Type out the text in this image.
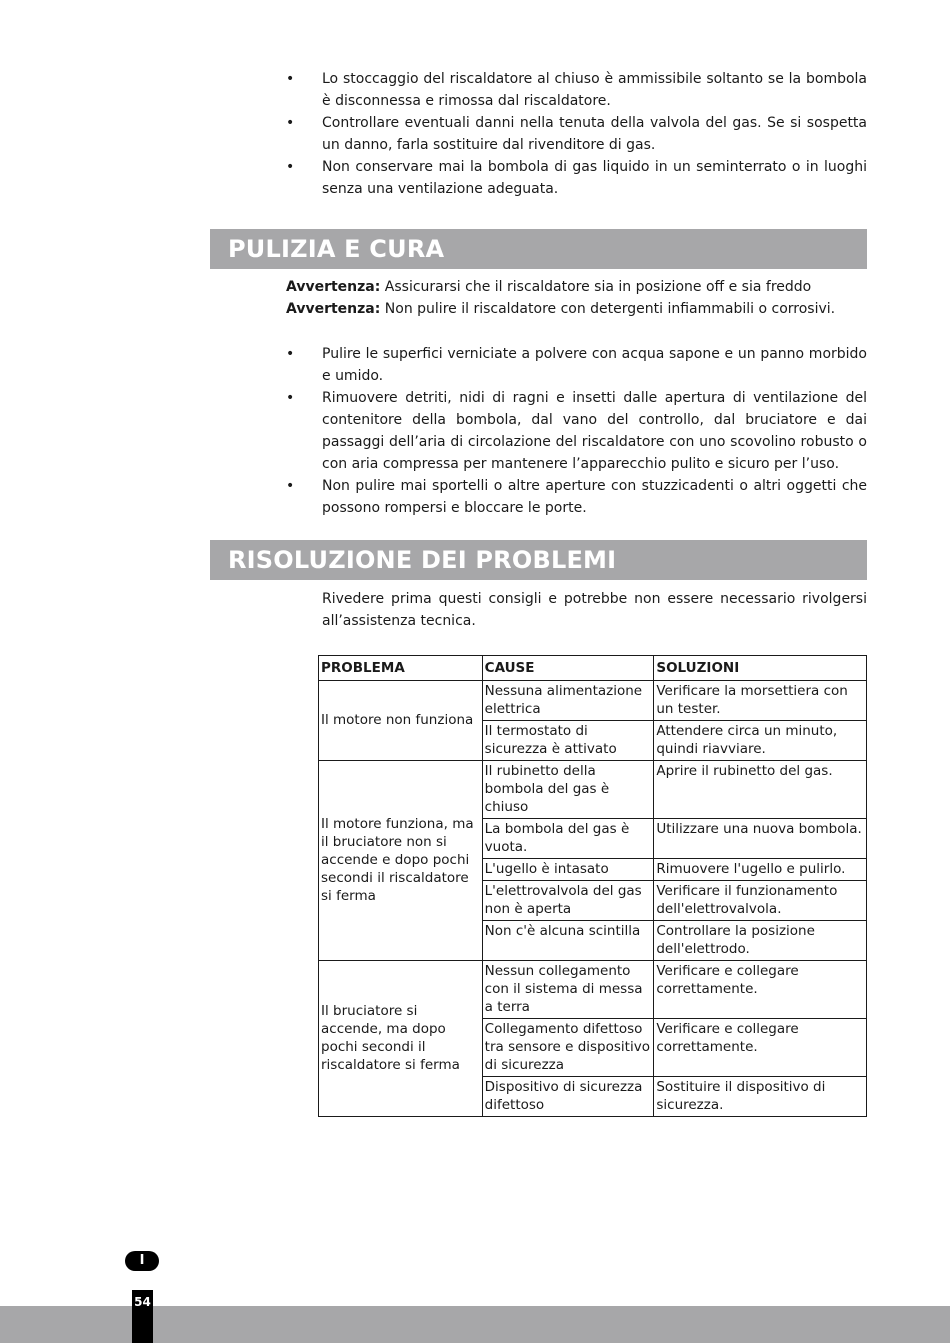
• Lo stoccaggio del riscaldatore al chiuso è ammissibile soltanto se la bombola è disconnessa e rimossa dal riscaldatore.
• Controllare eventuali danni nella tenuta della valvola del gas. Se si sospetta un danno, farla sostituire dal rivenditore di gas.
• Non conservare mai la bombola di gas liquido in un seminterrato o in luoghi senza una ventilazione adeguata.
PULIZIA E CURA
Avvertenza: Assicurarsi che il riscaldatore sia in posizione off e sia freddo
Avvertenza: Non pulire il riscaldatore con detergenti infiammabili o corrosivi.
• Pulire le superfici verniciate a polvere con acqua sapone e un panno morbido e umido.
• Rimuovere detriti, nidi di ragni e insetti dalle apertura di ventilazione del contenitore della bombola, dal vano del controllo, dal bruciatore e dai passaggi dell’aria di circolazione del riscaldatore con uno scovolino robusto o con aria compressa per mantenere l’apparecchio pulito e sicuro per l’uso.
• Non pulire mai sportelli o altre aperture con stuzzicadenti o altri oggetti che possono rompersi e bloccare le porte.
RISOLUZIONE DEI PROBLEMI
Rivedere prima questi consigli e potrebbe non essere necessario rivolgersi all’assistenza tecnica.
PROBLEMA	CAUSE	SOLUZIONI
Il motore non funziona	Nessuna alimentazione elettrica	Verificare la morsettiera con un tester.
	Il termostato di sicurezza è attivato	Attendere circa un minuto, quindi riavviare.
Il motore funziona, ma il bruciatore non si accende e dopo pochi secondi il riscaldatore si ferma	Il rubinetto della bombola del gas è chiuso	Aprire il rubinetto del gas.
	La bombola del gas è vuota.	Utilizzare una nuova bombola.
	L'ugello è intasato	Rimuovere l'ugello e pulirlo.
	L'elettrovalvola del gas non è aperta	Verificare il funzionamento dell'elettrovalvola.
	Non c'è alcuna scintilla	Controllare la posizione dell'elettrodo.
Il bruciatore si accende, ma dopo pochi secondi il riscaldatore si ferma	Nessun collegamento con il sistema di messa a terra	Verificare e collegare correttamente.
	Collegamento difettoso tra sensore e dispositivo di sicurezza	Verificare e collegare correttamente.
	Dispositivo di sicurezza difettoso	Sostituire il dispositivo di sicurezza.
I
54
